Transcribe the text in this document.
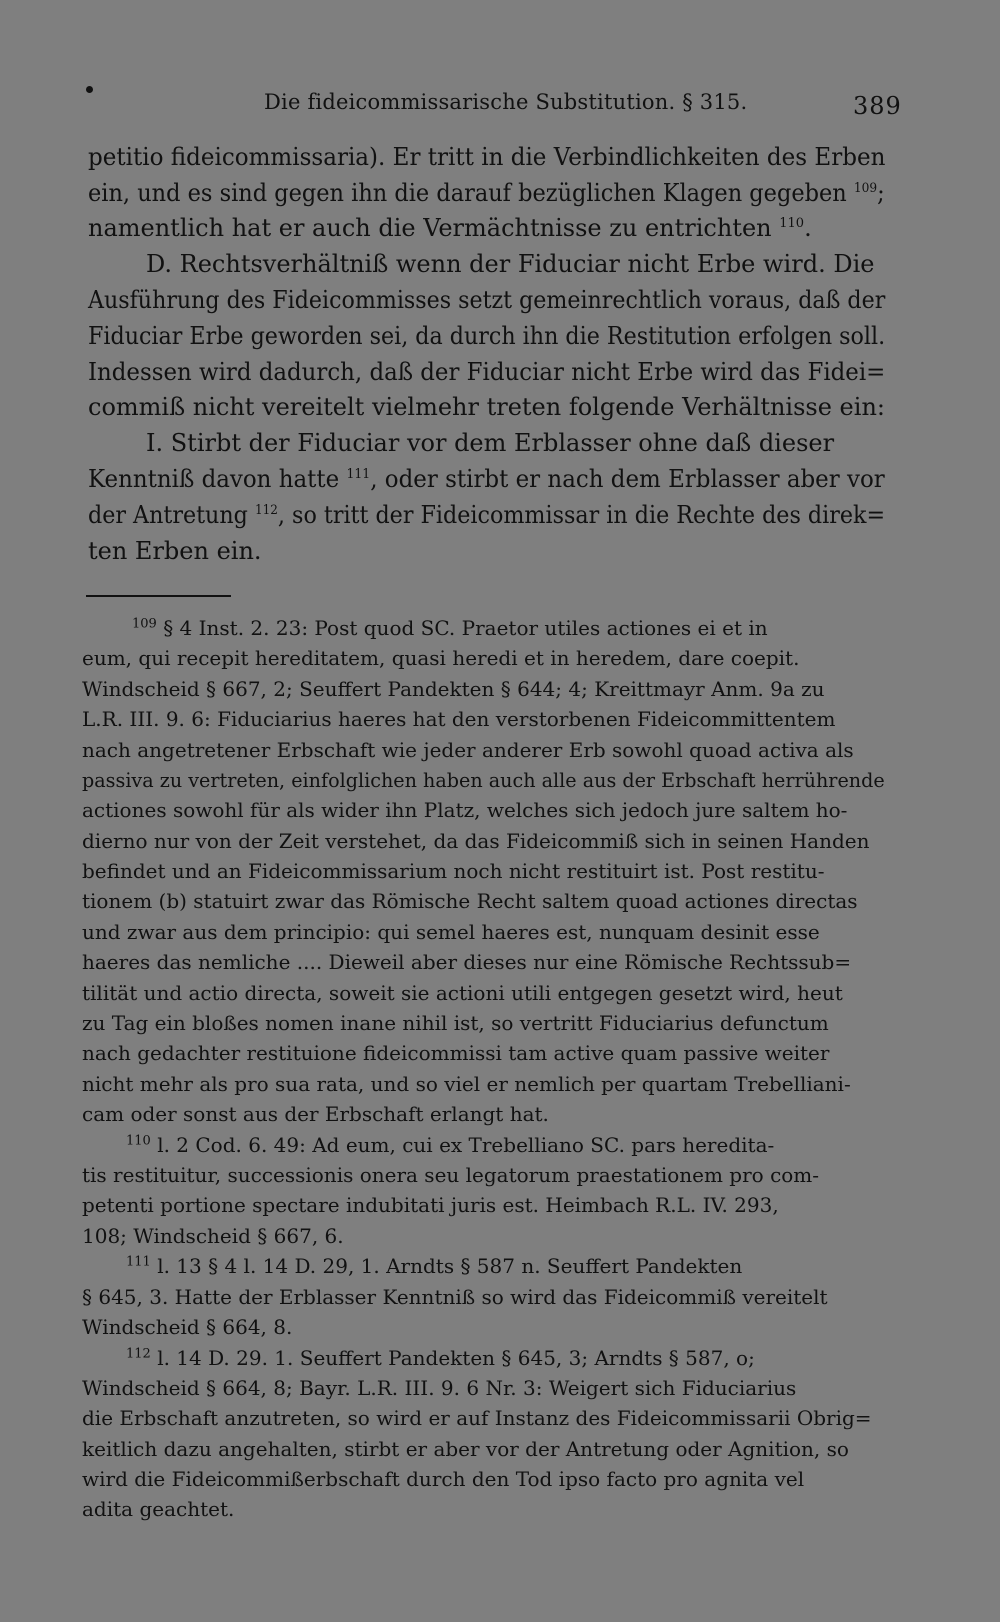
Die fideicommissarische Substitution. § 315.	389
petitio fideicommissaria). Er tritt in die Verbindlichkeiten des Erben
ein, und es sind gegen ihn die darauf bezüglichen Klagen gegeben $^{109}$;
namentlich hat er auch die Vermächtnisse zu entrichten $^{110}$.
D. Rechtsverhältniß wenn der Fiduciar nicht Erbe wird. Die
Ausführung des Fideicommisses setzt gemeinrechtlich voraus, daß der
Fiduciar Erbe geworden sei, da durch ihn die Restitution erfolgen soll.
Indessen wird dadurch, daß der Fiduciar nicht Erbe wird das Fidei=
commiß nicht vereitelt vielmehr treten folgende Verhältnisse ein:
I. Stirbt der Fiduciar vor dem Erblasser ohne daß dieser
Kenntniß davon hatte $^{111}$, oder stirbt er nach dem Erblasser aber vor
der Antretung $^{112}$, so tritt der Fideicommissar in die Rechte des direk=
ten Erben ein.
$^{109}$ § 4 Inst. 2. 23: Post quod SC. Praetor utiles actiones ei et in
eum, qui recepit hereditatem, quasi heredi et in heredem, dare coepit.
Windscheid § 667, 2; Seuffert Pandekten § 644; 4; Kreittmayr Anm. 9a zu
L.R. III. 9. 6: Fiduciarius haeres hat den verstorbenen Fideicommittentem
nach angetretener Erbschaft wie jeder anderer Erb sowohl quoad activa als
passiva zu vertreten, einfolglichen haben auch alle aus der Erbschaft herrührende
actiones sowohl für als wider ihn Platz, welches sich jedoch jure saltem ho-
dierno nur von der Zeit verstehet, da das Fideicommiß sich in seinen Handen
befindet und an Fideicommissarium noch nicht restituirt ist. Post restitu-
tionem (b) statuirt zwar das Römische Recht saltem quoad actiones directas
und zwar aus dem principio: qui semel haeres est, nunquam desinit esse
haeres das nemliche .... Dieweil aber dieses nur eine Römische Rechtssub=
tilität und actio directa, soweit sie actioni utili entgegen gesetzt wird, heut
zu Tag ein bloßes nomen inane nihil ist, so vertritt Fiduciarius defunctum
nach gedachter restituione fideicommissi tam active quam passive weiter
nicht mehr als pro sua rata, und so viel er nemlich per quartam Trebelliani-
cam oder sonst aus der Erbschaft erlangt hat.
$^{110}$ l. 2 Cod. 6. 49: Ad eum, cui ex Trebelliano SC. pars heredita-
tis restituitur, successionis onera seu legatorum praestationem pro com-
petenti portione spectare indubitati juris est. Heimbach R.L. IV. 293,
108; Windscheid § 667, 6.
$^{111}$ l. 13 § 4 l. 14 D. 29, 1. Arndts § 587 n. Seuffert Pandekten
§ 645, 3. Hatte der Erblasser Kenntniß so wird das Fideicommiß vereitelt
Windscheid § 664, 8.
$^{112}$ l. 14 D. 29. 1. Seuffert Pandekten § 645, 3; Arndts § 587, o;
Windscheid § 664, 8; Bayr. L.R. III. 9. 6 Nr. 3: Weigert sich Fiduciarius
die Erbschaft anzutreten, so wird er auf Instanz des Fideicommissarii Obrig=
keitlich dazu angehalten, stirbt er aber vor der Antretung oder Agnition, so
wird die Fideicommißerbschaft durch den Tod ipso facto pro agnita vel
adita geachtet.
